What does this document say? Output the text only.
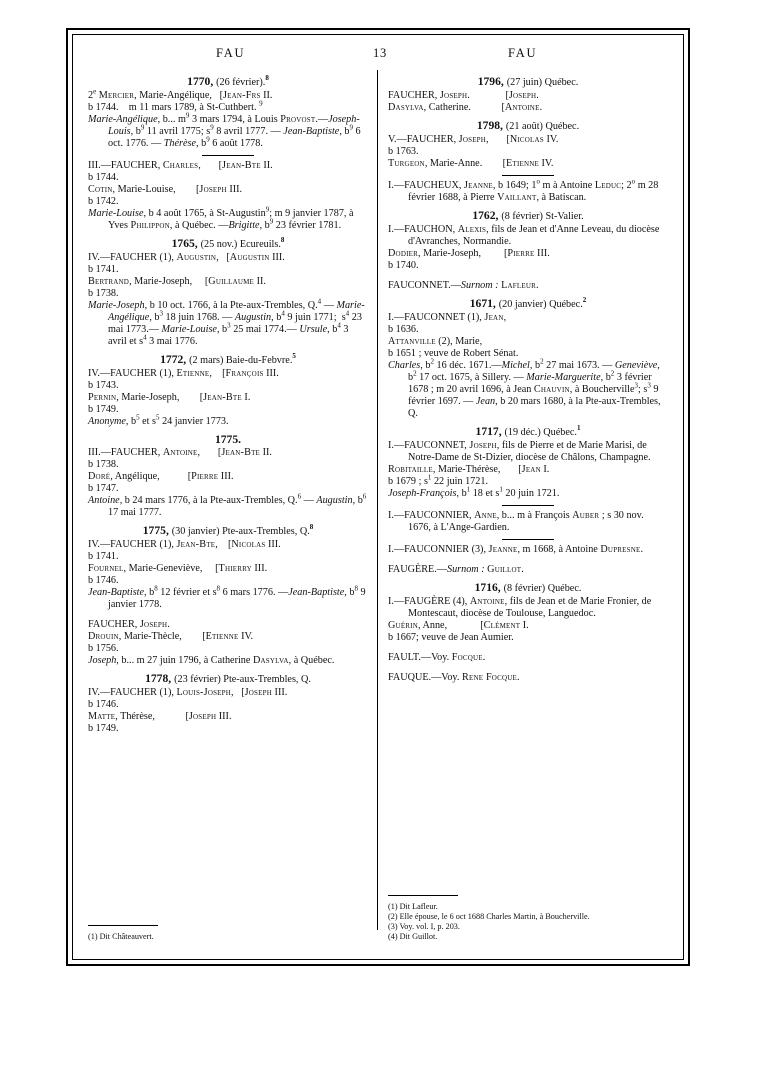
FAU	13	FAU
1770, (26 février).$^8$
2e Mercier, Marie-Angélique,   [Jean-Frs II.
b 1744.    m 11 mars 1789, à St-Cuthbert. $^9$
Marie-Angélique, b... $m^9$ 3 mars 1794, à Louis Provost.—Joseph-Louis, $b^9$ 11 avril 1775; $s^9$ 8 avril 1777. — Jean-Baptiste, $b^9$ 6 oct. 1776. — Thérèse, $b^9$ 6 août 1778.
III.—FAUCHER, Charles,       [Jean-Bte II.
b 1744.
Cotin, Marie-Louise,        [Joseph III.
b 1742.
Marie-Louise, b 4 août 1765, à St-Augustin$^9$; m 9 janvier 1787, à Yves Philippon, à Québec. —Brigitte, $b^9$ 23 février 1781.
1765, (25 nov.) Ecureuils.$^8$
IV.—FAUCHER (1), Augustin,   [Augustin III.
b 1741.
Bertrand, Marie-Joseph,     [Guillaume II.
b 1738.
Marie-Joseph, b 10 oct. 1766, à la Pte-aux-Trembles, Q.$^4$ — Marie-Angélique, $b^3$ 18 juin 1768. — Augustin, $b^4$ 9 juin 1771;  $s^4$ 23 mai 1773.— Marie-Louise, $b^3$ 25 mai 1774.— Ursule, $b^4$ 3 avril et $s^4$ 3 mai 1776.
1772, (2 mars) Baie-du-Febvre.$^5$
IV.—FAUCHER (1), Etienne,    [François III.
b 1743.
Pernin, Marie-Joseph,        [Jean-Bte I.
b 1749.
Anonyme, $b^5$ et $s^5$ 24 janvier 1773.
1775.
III.—FAUCHER, Antoine,       [Jean-Bte II.
b 1738.
Doré, Angélique,           [Pierre III.
b 1747.
Antoine, b 24 mars 1776, à la Pte-aux-Trembles, Q.$^6$ — Augustin, $b^6$ 17 mai 1777.
1775, (30 janvier) Pte-aux-Trembles, Q.$^8$
IV.—FAUCHER (1), Jean-Bte,    [Nicolas III.
b 1741.
Fournel, Marie-Geneviève,     [Thierry III.
b 1746.
Jean-Baptiste, $b^8$ 12 février et $s^8$ 6 mars 1776. —Jean-Baptiste, $b^8$ 9 janvier 1778.
FAUCHER, Joseph.
Drouin, Marie-Thècle,        [Etienne IV.
b 1756.
Joseph, b... m 27 juin 1796, à Catherine Dasylva, à Québec.
1778, (23 février) Pte-aux-Trembles, Q.
IV.—FAUCHER (1), Louis-Joseph,   [Joseph III.
b 1746.
Matte, Thérèse,            [Joseph III.
b 1749.
(1) Dit Châteauvert.
1796, (27 juin) Québec.
FAUCHER, Joseph.              [Joseph.
Dasylva, Catherine.            [Antoine.
1798, (21 août) Québec.
V.—FAUCHER, Joseph,       [Nicolas IV.
b 1763.
Turgeon, Marie-Anne.        [Etienne IV.
I.—FAUCHEUX, Jeanne, b 1649; 1$^o$ m à Antoine Leduc; 2$^o$ m 28 février 1688, à Pierre Vaillant, à Batiscan.
1762, (8 février) St-Valier.
I.—FAUCHON, Alexis, fils de Jean et d'Anne Leveau, du diocèse d'Avranches, Normandie.
Dodier, Marie-Joseph,         [Pierre III.
b 1740.
FAUCONNET.—Surnom : Lafleur.
1671, (20 janvier) Québec.$^2$
I.—FAUCONNET (1), Jean,
b 1636.
Attanville (2), Marie,
b 1651 ; veuve de Robert Sénat.
Charles, $b^2$ 16 déc. 1671.—Michel, $b^2$ 27 mai 1673. — Geneviève, $b^2$ 17 oct. 1675, à Sillery. — Marie-Marguerite, $b^2$ 3 février 1678 ; m 20 avril 1696, à Jean Chauvin, à Boucherville$^3$; $s^3$ 9 février 1697. — Jean, b 20 mars 1680, à la Pte-aux-Trembles, Q.
1717, (19 déc.) Québec.$^1$
I.—FAUCONNET, Joseph, fils de Pierre et de Marie Marisi, de Notre-Dame de St-Dizier, diocèse de Châlons, Champagne.
Robitaille, Marie-Thérèse,       [Jean I.
b 1679 ; $s^1$ 22 juin 1721.
Joseph-François, $b^1$ 18 et $s^1$ 20 juin 1721.
I.—FAUCONNIER, Anne, b... m à François Auber ; s 30 nov. 1676, à L'Ange-Gardien.
I.—FAUCONNIER (3), Jeanne, m 1668, à Antoine Dupresne.
FAUGÈRE.—Surnom : Guillot.
1716, (8 février) Québec.
I.—FAUGÈRE (4), Antoine, fils de Jean et de Marie Fronier, de Montescaut, diocèse de Toulouse, Languedoc.
Guérin, Anne,             [Clément I.
b 1667; veuve de Jean Aumier.
FAULT.—Voy. Focque.
FAUQUE.—Voy. Rene Focque.
(1) Dit Lafleur.
(2) Elle épouse, le 6 oct 1688 Charles Martin, à Boucherville.
(3) Voy. vol. I, p. 203.
(4) Dit Guillot.
